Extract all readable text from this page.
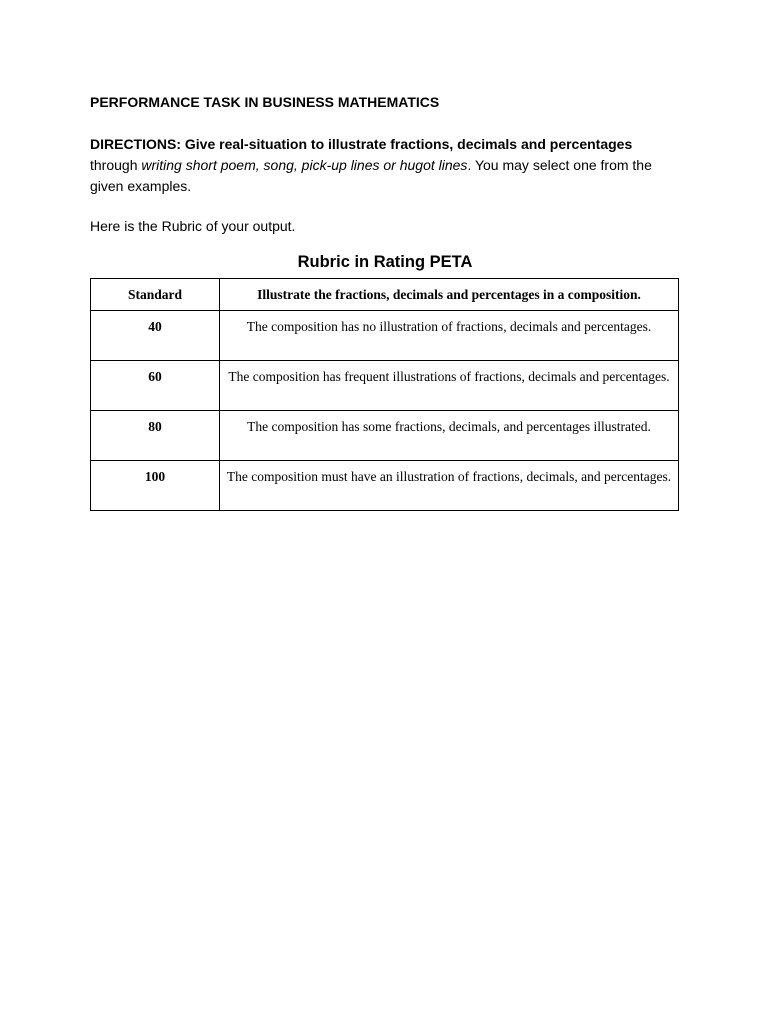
PERFORMANCE TASK IN BUSINESS MATHEMATICS

DIRECTIONS: Give real-situation to illustrate fractions, decimals and percentages
through writing short poem, song, pick-up lines or hugot lines. You may select one from the given examples.

Here is the Rubric of your output.

Rubric in Rating PETA
Standard	Illustrate the fractions, decimals and percentages in a composition.
40	The composition has no illustration of fractions, decimals and percentages.
60	The composition has frequent illustrations of fractions, decimals and percentages.
80	The composition has some fractions, decimals, and percentages illustrated.
100	The composition must have an illustration of fractions, decimals, and percentages.
